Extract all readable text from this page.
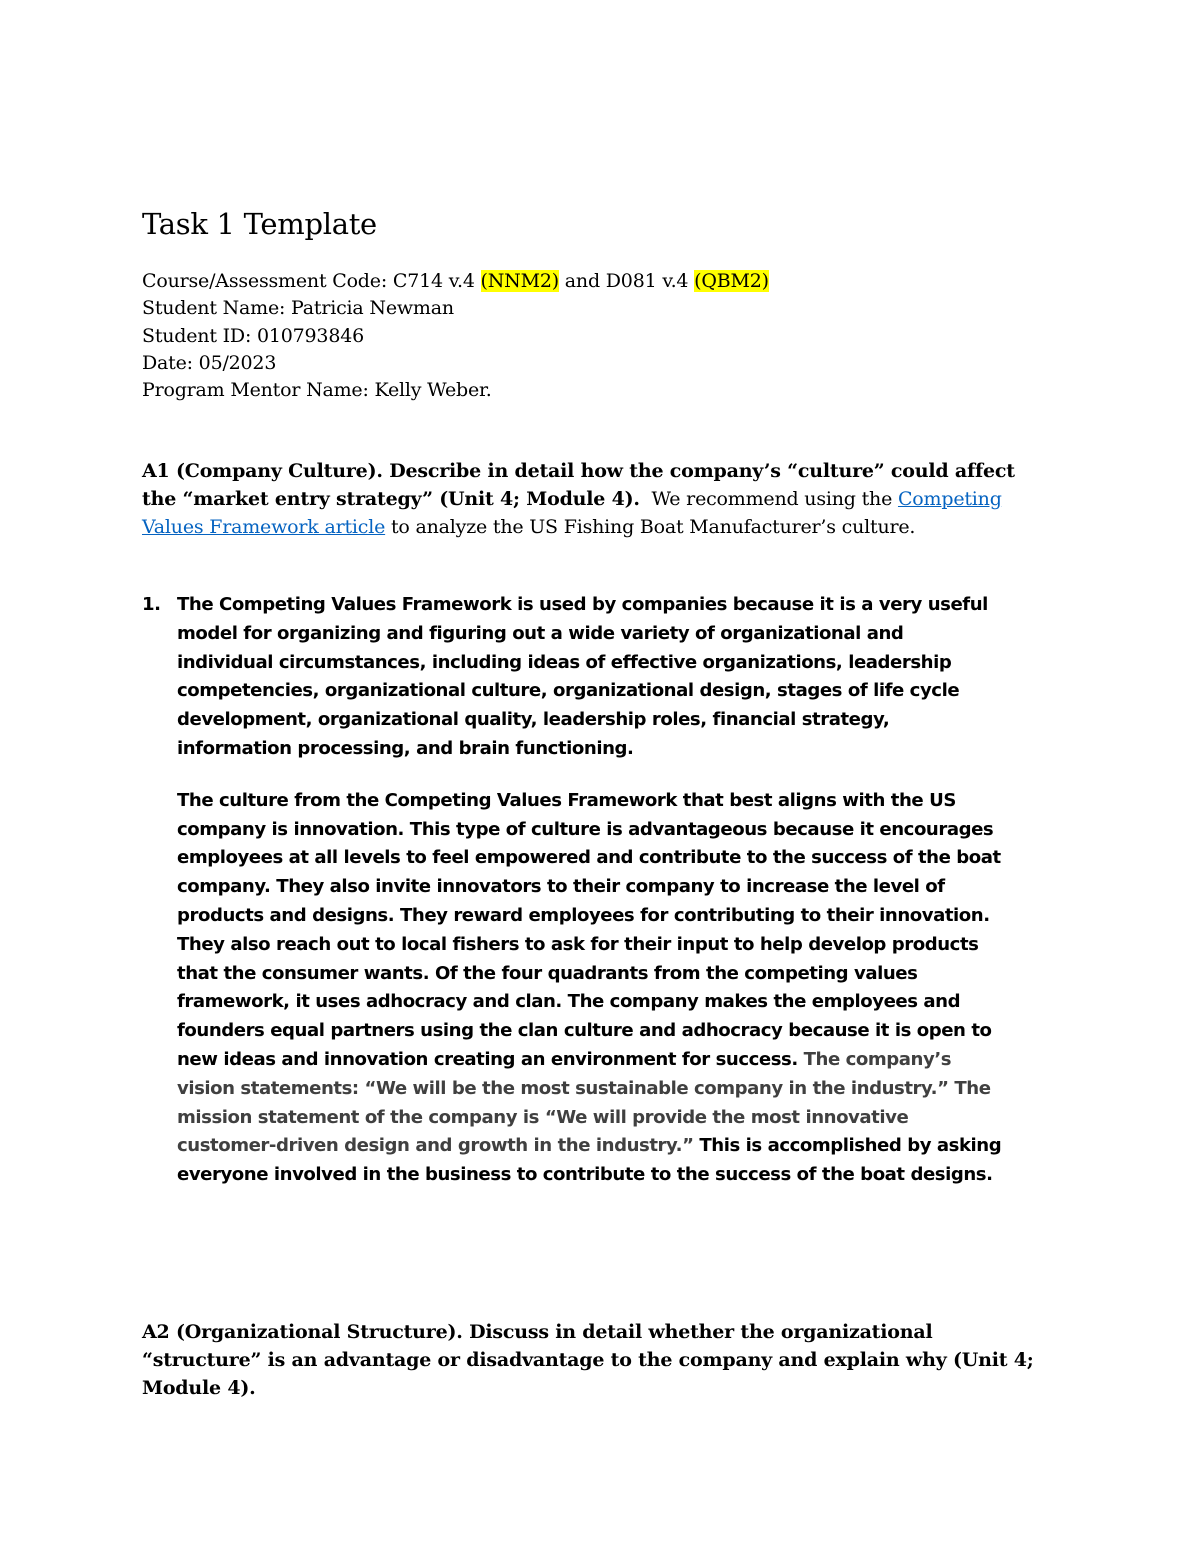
Task 1 Template
Course/Assessment Code: C714 v.4 (NNM2) and D081 v.4 (QBM2)
Student Name: Patricia Newman
Student ID: 010793846
Date: 05/2023
Program Mentor Name: Kelly Weber.
A1 (Company Culture). Describe in detail how the company’s “culture” could affect the “market entry strategy” (Unit 4; Module 4).  We recommend using the Competing Values Framework article to analyze the US Fishing Boat Manufacturer’s culture.
1. The Competing Values Framework is used by companies because it is a very useful model for organizing and figuring out a wide variety of organizational and individual circumstances, including ideas of effective organizations, leadership competencies, organizational culture, organizational design, stages of life cycle development, organizational quality, leadership roles, financial strategy, information processing, and brain functioning.

The culture from the Competing Values Framework that best aligns with the US company is innovation. This type of culture is advantageous because it encourages employees at all levels to feel empowered and contribute to the success of the boat company. They also invite innovators to their company to increase the level of products and designs. They reward employees for contributing to their innovation. They also reach out to local fishers to ask for their input to help develop products that the consumer wants. Of the four quadrants from the competing values framework, it uses adhocracy and clan. The company makes the employees and founders equal partners using the clan culture and adhocracy because it is open to new ideas and innovation creating an environment for success. The company’s vision statements: “We will be the most sustainable company in the industry.” The mission statement of the company is “We will provide the most innovative customer-driven design and growth in the industry.” This is accomplished by asking everyone involved in the business to contribute to the success of the boat designs.

A2 (Organizational Structure). Discuss in detail whether the organizational “structure” is an advantage or disadvantage to the company and explain why (Unit 4; Module 4).
